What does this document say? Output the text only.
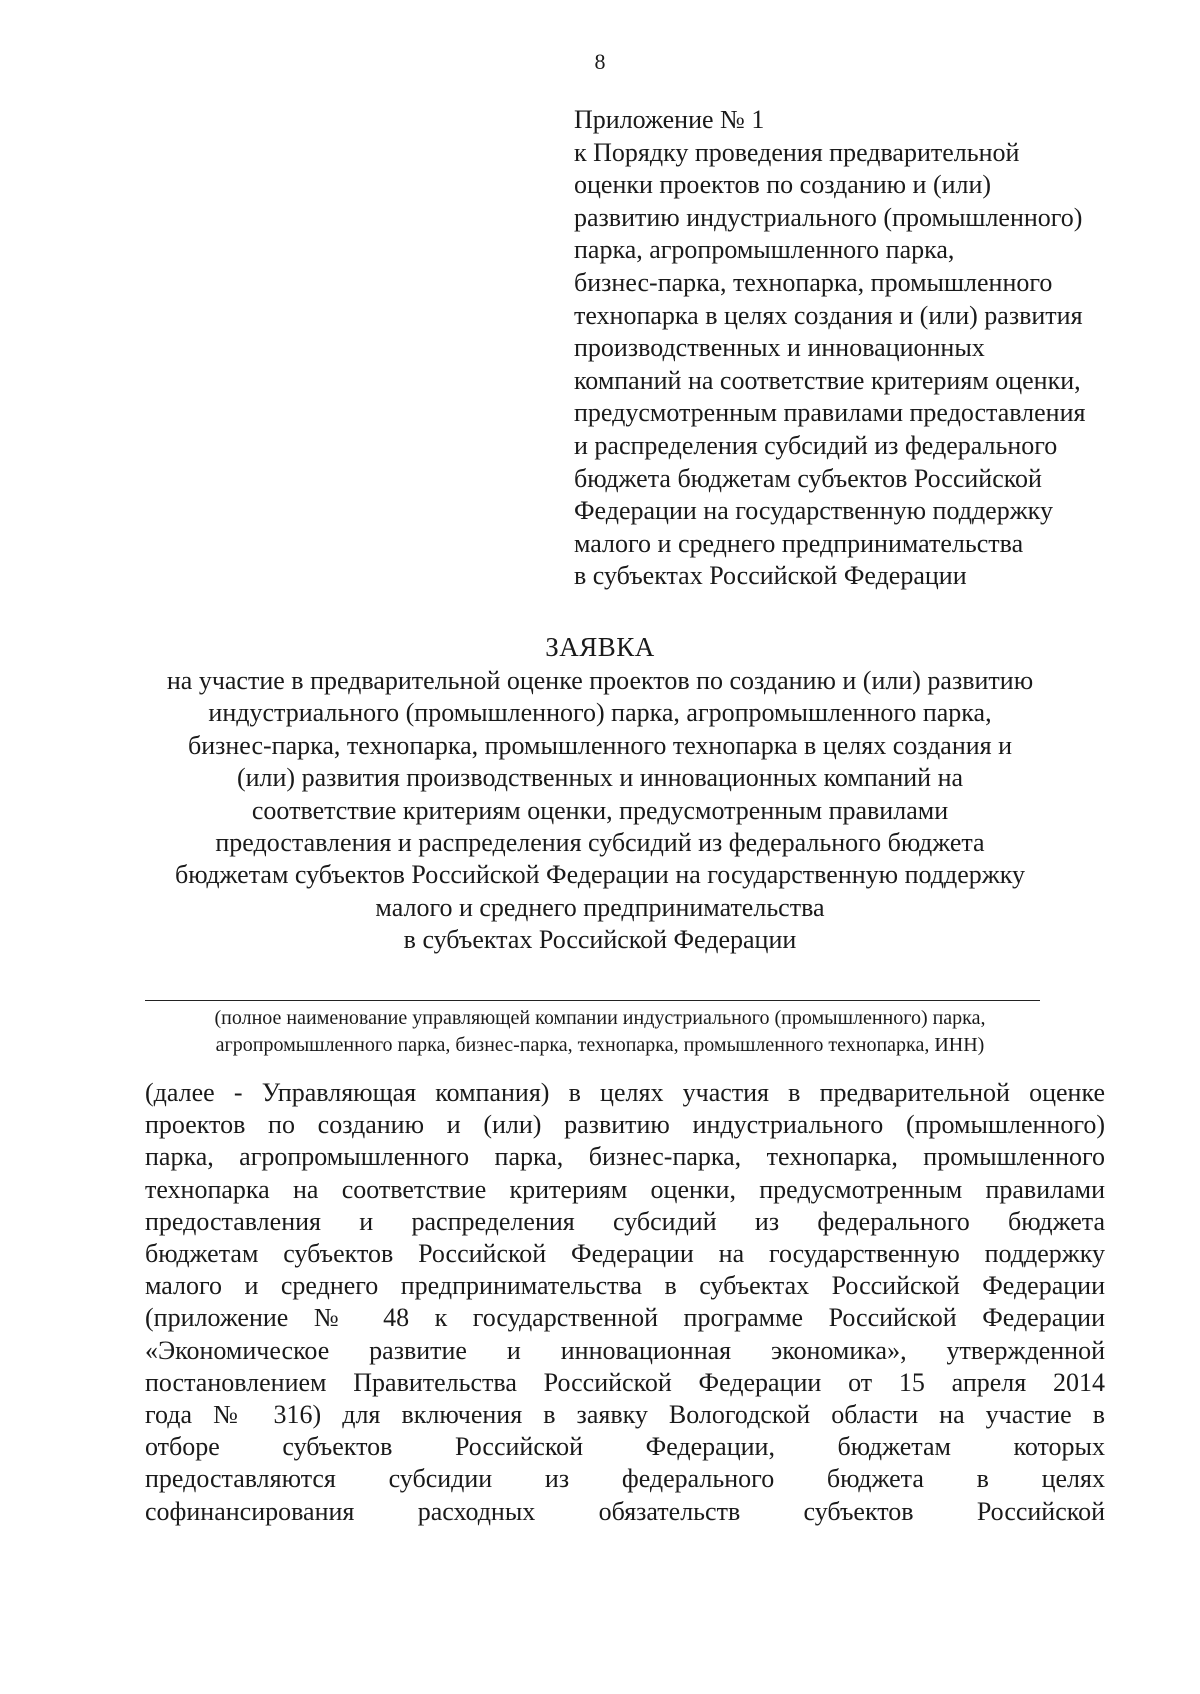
8
Приложение № 1
к Порядку проведения предварительной
оценки проектов по созданию и (или)
развитию индустриального (промышленного)
парка, агропромышленного парка,
бизнес-парка, технопарка, промышленного
технопарка в целях создания и (или) развития
производственных и инновационных
компаний на соответствие критериям оценки,
предусмотренным правилами предоставления
и распределения субсидий из федерального
бюджета бюджетам субъектов Российской
Федерации на государственную поддержку
малого и среднего предпринимательства
в субъектах Российской Федерации
ЗАЯВКА
на участие в предварительной оценке проектов по созданию и (или) развитию
индустриального (промышленного) парка, агропромышленного парка,
бизнес-парка, технопарка, промышленного технопарка в целях создания и
(или) развития производственных и инновационных компаний на
соответствие критериям оценки, предусмотренным правилами
предоставления и распределения субсидий из федерального бюджета
бюджетам субъектов Российской Федерации на государственную поддержку
малого и среднего предпринимательства
в субъектах Российской Федерации
(полное наименование управляющей компании индустриального (промышленного) парка,
агропромышленного парка, бизнес-парка, технопарка, промышленного технопарка, ИНН)
(далее - Управляющая компания) в целях участия в предварительной оценке
проектов по созданию и (или) развитию индустриального (промышленного)
парка, агропромышленного парка, бизнес-парка, технопарка, промышленного
технопарка на соответствие критериям оценки, предусмотренным правилами
предоставления и распределения субсидий из федерального бюджета
бюджетам субъектов Российской Федерации на государственную поддержку
малого и среднего предпринимательства в субъектах Российской Федерации
(приложение № 48 к государственной программе Российской Федерации
«Экономическое развитие и инновационная экономика», утвержденной
постановлением Правительства Российской Федерации от 15 апреля 2014
года № 316) для включения в заявку Вологодской области на участие в
отборе субъектов Российской Федерации, бюджетам которых
предоставляются субсидии из федерального бюджета в целях
софинансирования расходных обязательств субъектов Российской
